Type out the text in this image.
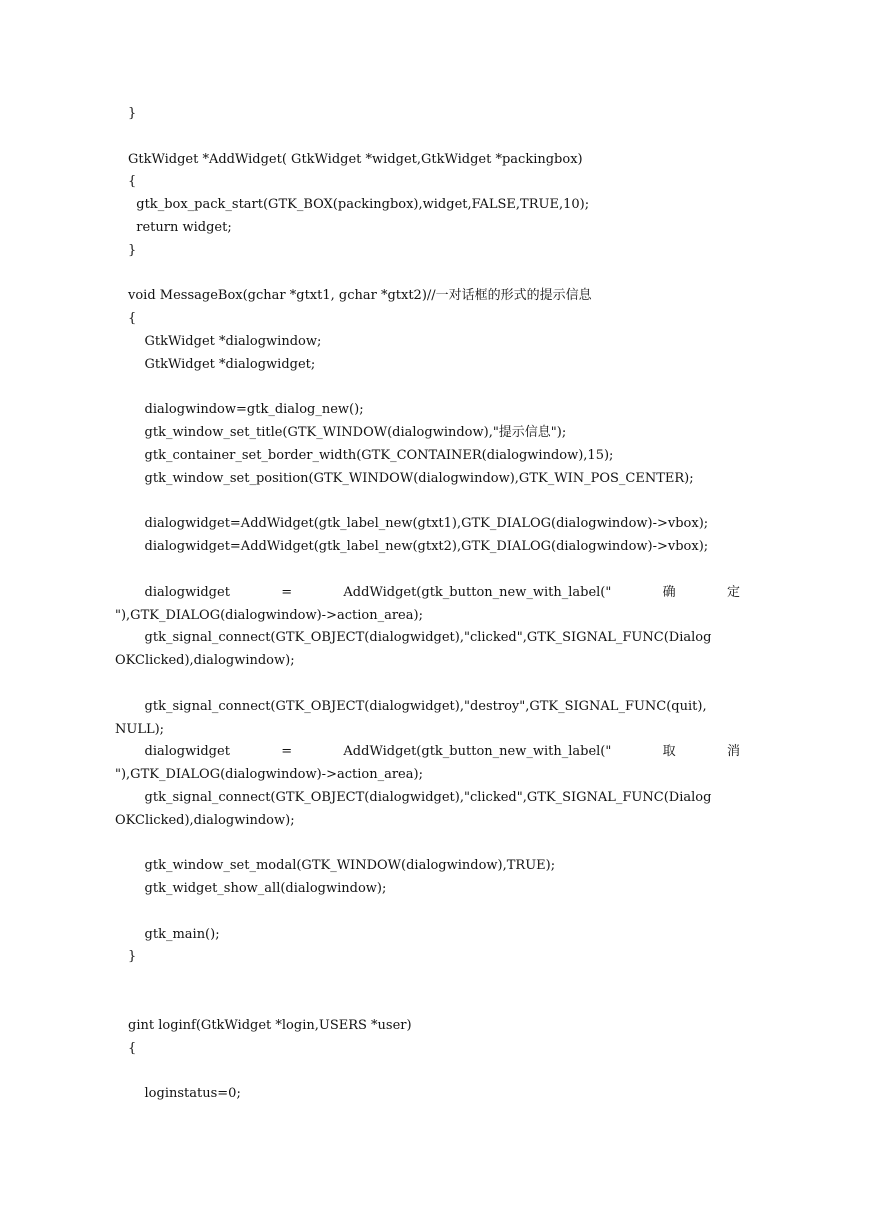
}
GtkWidget *AddWidget( GtkWidget *widget,GtkWidget *packingbox)
{
gtk_box_pack_start(GTK_BOX(packingbox),widget,FALSE,TRUE,10);
return widget;
}
void MessageBox(gchar *gtxt1, gchar *gtxt2)//一对话框的形式的提示信息
{
GtkWidget *dialogwindow;
GtkWidget *dialogwidget;
dialogwindow=gtk_dialog_new();
gtk_window_set_title(GTK_WINDOW(dialogwindow),"提示信息");
gtk_container_set_border_width(GTK_CONTAINER(dialogwindow),15);
gtk_window_set_position(GTK_WINDOW(dialogwindow),GTK_WIN_POS_CENTER);
dialogwidget=AddWidget(gtk_label_new(gtxt1),GTK_DIALOG(dialogwindow)->vbox);
dialogwidget=AddWidget(gtk_label_new(gtxt2),GTK_DIALOG(dialogwindow)->vbox);
dialogwidget	=	AddWidget(gtk_button_new_with_label("	确	定
"),GTK_DIALOG(dialogwindow)->action_area);
gtk_signal_connect(GTK_OBJECT(dialogwidget),"clicked",GTK_SIGNAL_FUNC(Dialog
OKClicked),dialogwindow);
gtk_signal_connect(GTK_OBJECT(dialogwidget),"destroy",GTK_SIGNAL_FUNC(quit),
NULL);
dialogwidget	=	AddWidget(gtk_button_new_with_label("	取	消
"),GTK_DIALOG(dialogwindow)->action_area);
gtk_signal_connect(GTK_OBJECT(dialogwidget),"clicked",GTK_SIGNAL_FUNC(Dialog
OKClicked),dialogwindow);
gtk_window_set_modal(GTK_WINDOW(dialogwindow),TRUE);
gtk_widget_show_all(dialogwindow);
gtk_main();
}
gint loginf(GtkWidget *login,USERS *user)
{
loginstatus=0;
